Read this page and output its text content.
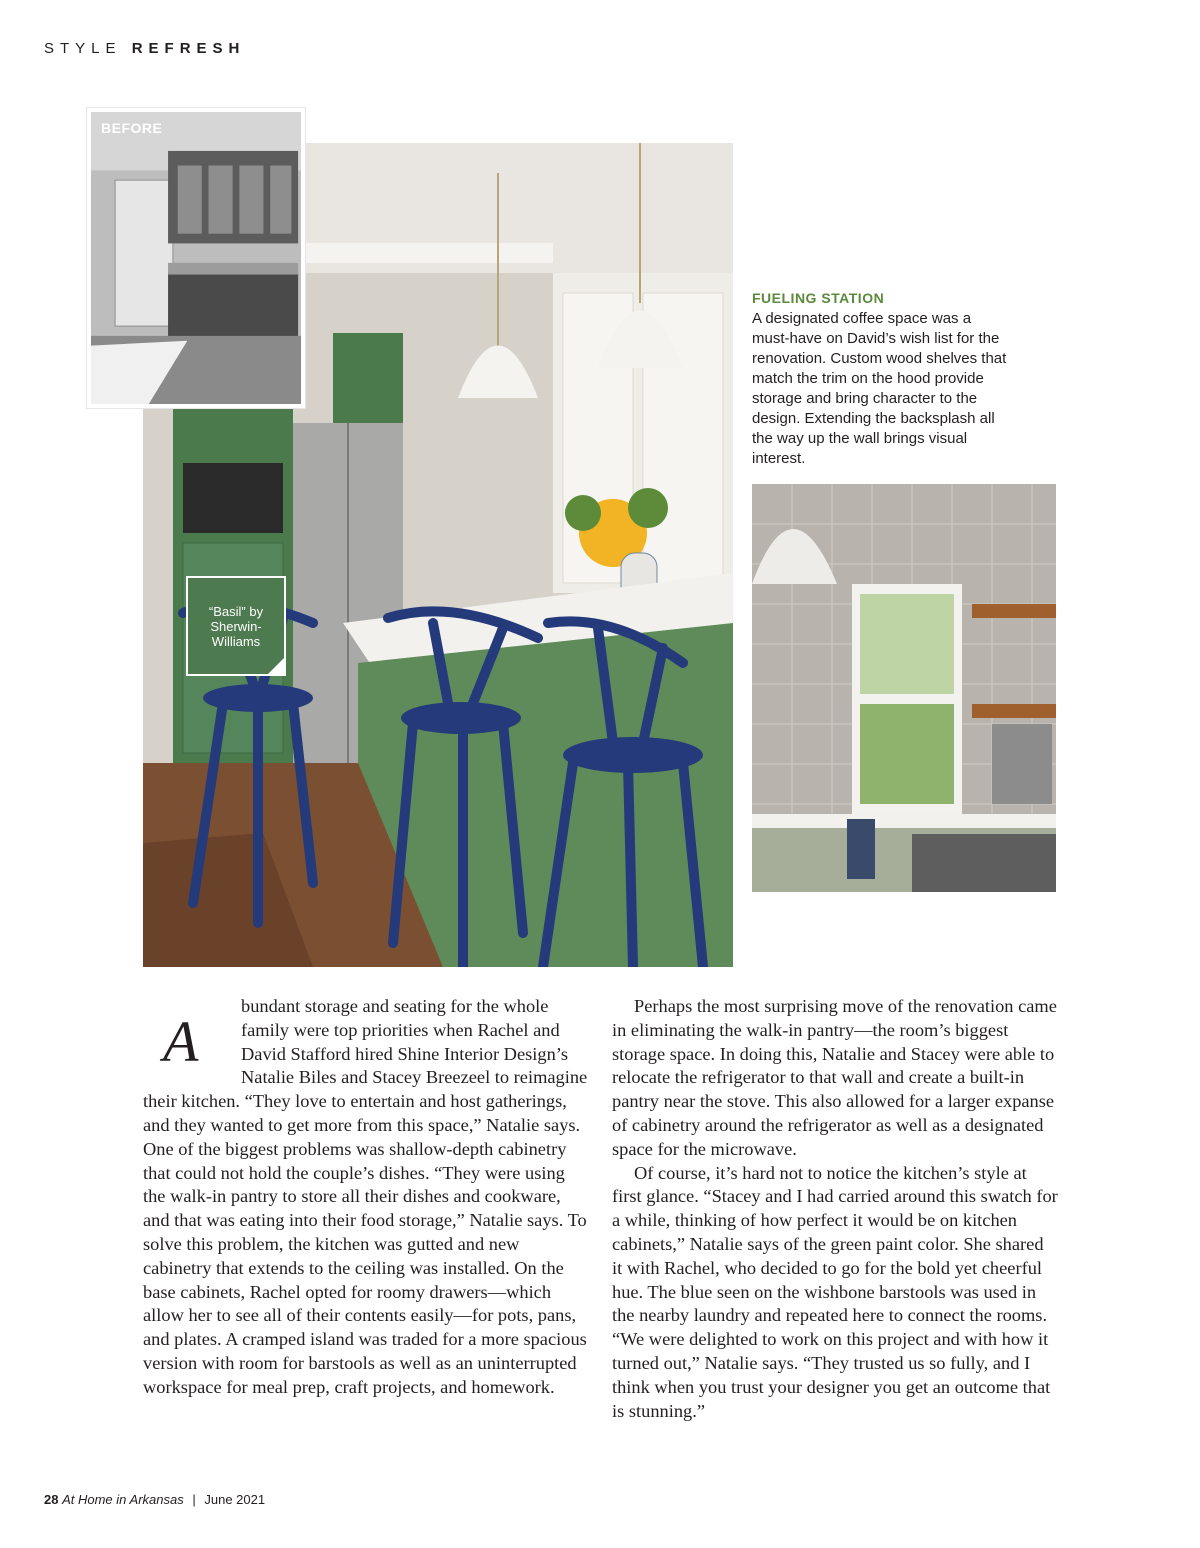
STYLE REFRESH
BEFORE
“Basil” by
Sherwin-
Williams
FUELING STATION
A designated coffee space was a must-have on David’s wish list for the renovation. Custom wood shelves that match the trim on the hood provide storage and bring character to the design. Extending the backsplash all the way up the wall brings visual interest.

A
bundant storage and seating for the whole family were top priorities when Rachel and David Stafford hired Shine Interior Design’s Natalie Biles and Stacey Breezeel to reimagine their kitchen. “They love to entertain and host gatherings, and they wanted to get more from this space,” Natalie says. One of the biggest problems was shallow-depth cabinetry that could not hold the couple’s dishes. “They were using the walk-in pantry to store all their dishes and cookware, and that was eating into their food storage,” Natalie says. To solve this problem, the kitchen was gutted and new cabinetry that extends to the ceiling was installed. On the base cabinets, Rachel opted for roomy drawers—which allow her to see all of their contents easily—for pots, pans, and plates. A cramped island was traded for a more spacious version with room for barstools as well as an uninterrupted workspace for meal prep, craft projects, and homework.

Perhaps the most surprising move of the renovation came in eliminating the walk-in pantry—the room’s biggest storage space. In doing this, Natalie and Stacey were able to relocate the refrigerator to that wall and create a built-in pantry near the stove. This also allowed for a larger expanse of cabinetry around the refrigerator as well as a designated space for the microwave.

Of course, it’s hard not to notice the kitchen’s style at first glance. “Stacey and I had carried around this swatch for a while, thinking of how perfect it would be on kitchen cabinets,” Natalie says of the green paint color. She shared it with Rachel, who decided to go for the bold yet cheerful hue. The blue seen on the wishbone barstools was used in the nearby laundry and repeated here to connect the rooms. “We were delighted to work on this project and with how it turned out,” Natalie says. “They trusted us so fully, and I think when you trust your designer you get an outcome that is stunning.”

28 At Home in Arkansas | June 2021
